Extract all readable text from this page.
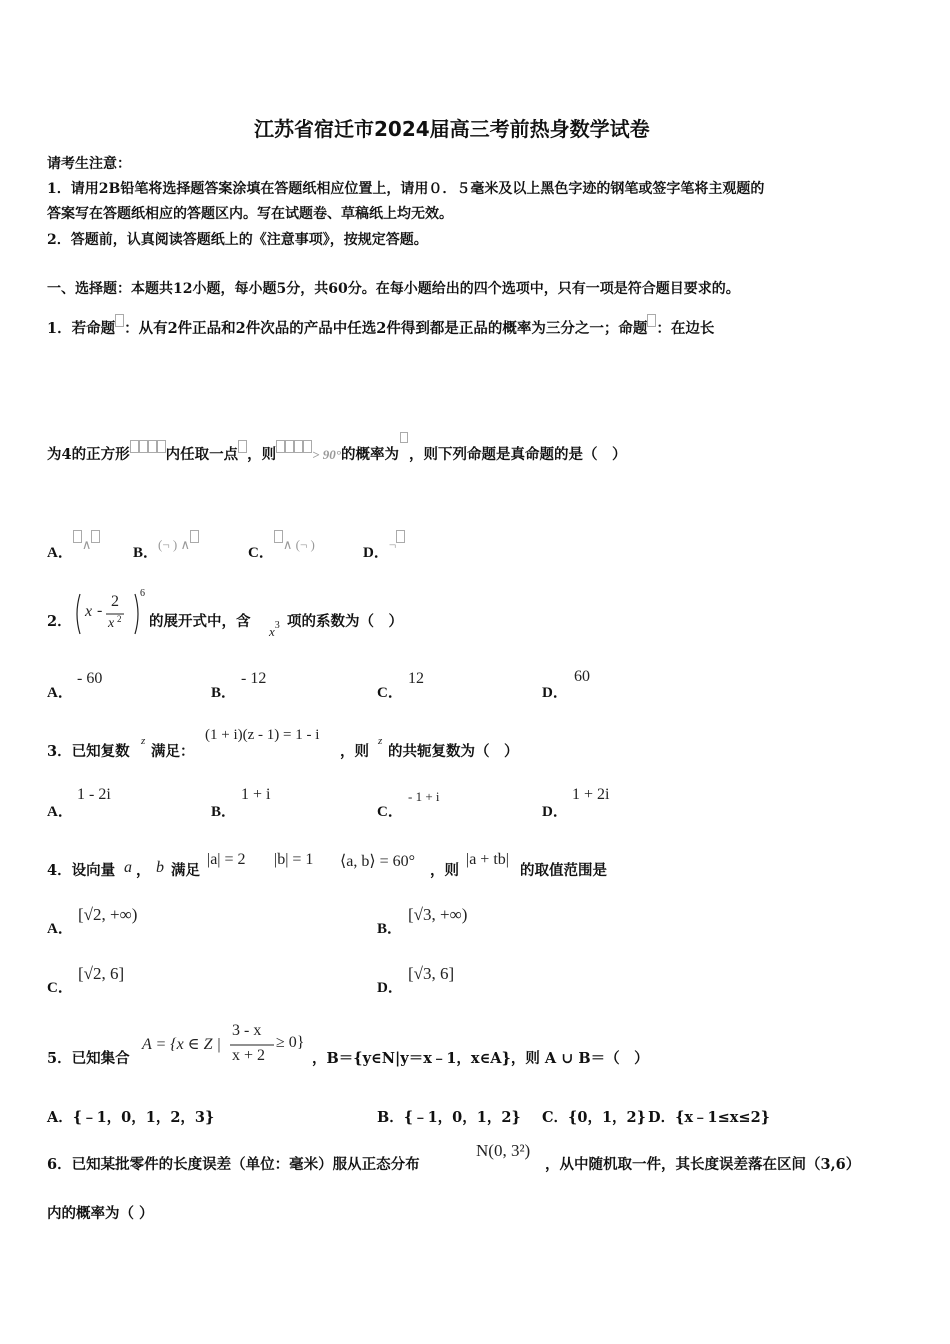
江苏省宿迁市2024届高三考前热身数学试卷
请考生注意：
1．请用2B铅笔将选择题答案涂填在答题纸相应位置上，请用０．５毫米及以上黑色字迹的钢笔或签字笔将主观题的
答案写在答题纸相应的答题区内。写在试题卷、草稿纸上均无效。
2．答题前，认真阅读答题纸上的《注意事项》，按规定答题。
一、选择题：本题共12小题，每小题5分，共60分。在每小题给出的四个选项中，只有一项是符合题目要求的。
1．若命题 ：从有2件正品和2件次品的产品中任选2件得到都是正品的概率为三分之一；命题 ：在边长
为4的正方形 内任取一点 ，则	> 90°的概率为 ，则下列命题是真命题的是（　）
A．∧
B．(¬ ) ∧
C．∧ (¬ )
D．¬
2．
x -
2
x 2
6
的展开式中，含
$x^3$ 项的系数为（　）
A．
- 60
B．
- 12
C．
12
D．
60
3．已知复数
z
满足：
(1 + i)(z - 1) = 1 - i
，则
z
的共轭复数为（　）
A．
1 - 2i
B．
1 + i
C．
- 1 + i
D．
1 + 2i
4．设向量 a ， b 满足
|a| = 2 |b| = 1 ⟨a, b⟩ = 60°
，则
|a + tb|
的取值范围是
A．
[√2, +∞)
B．
[√3, +∞)
C．
[√2, 6]
D．
[√3, 6]
5．已知集合
A = {x ∈ Z |
3 - x
x + 2
≥ 0}
，B＝{y∈N|y＝x﹣1，x∈A}，则 A ∪ B＝（　）
A．{﹣1，0，1，2，3}	B．{﹣1，0，1，2} C．{0，1，2} D．{x﹣1≤x≤2}
6．已知某批零件的长度误差（单位：毫米）服从正态分布
N(0, 3²)
，从中随机取一件，其长度误差落在区间（3,6）
内的概率为（ ）
